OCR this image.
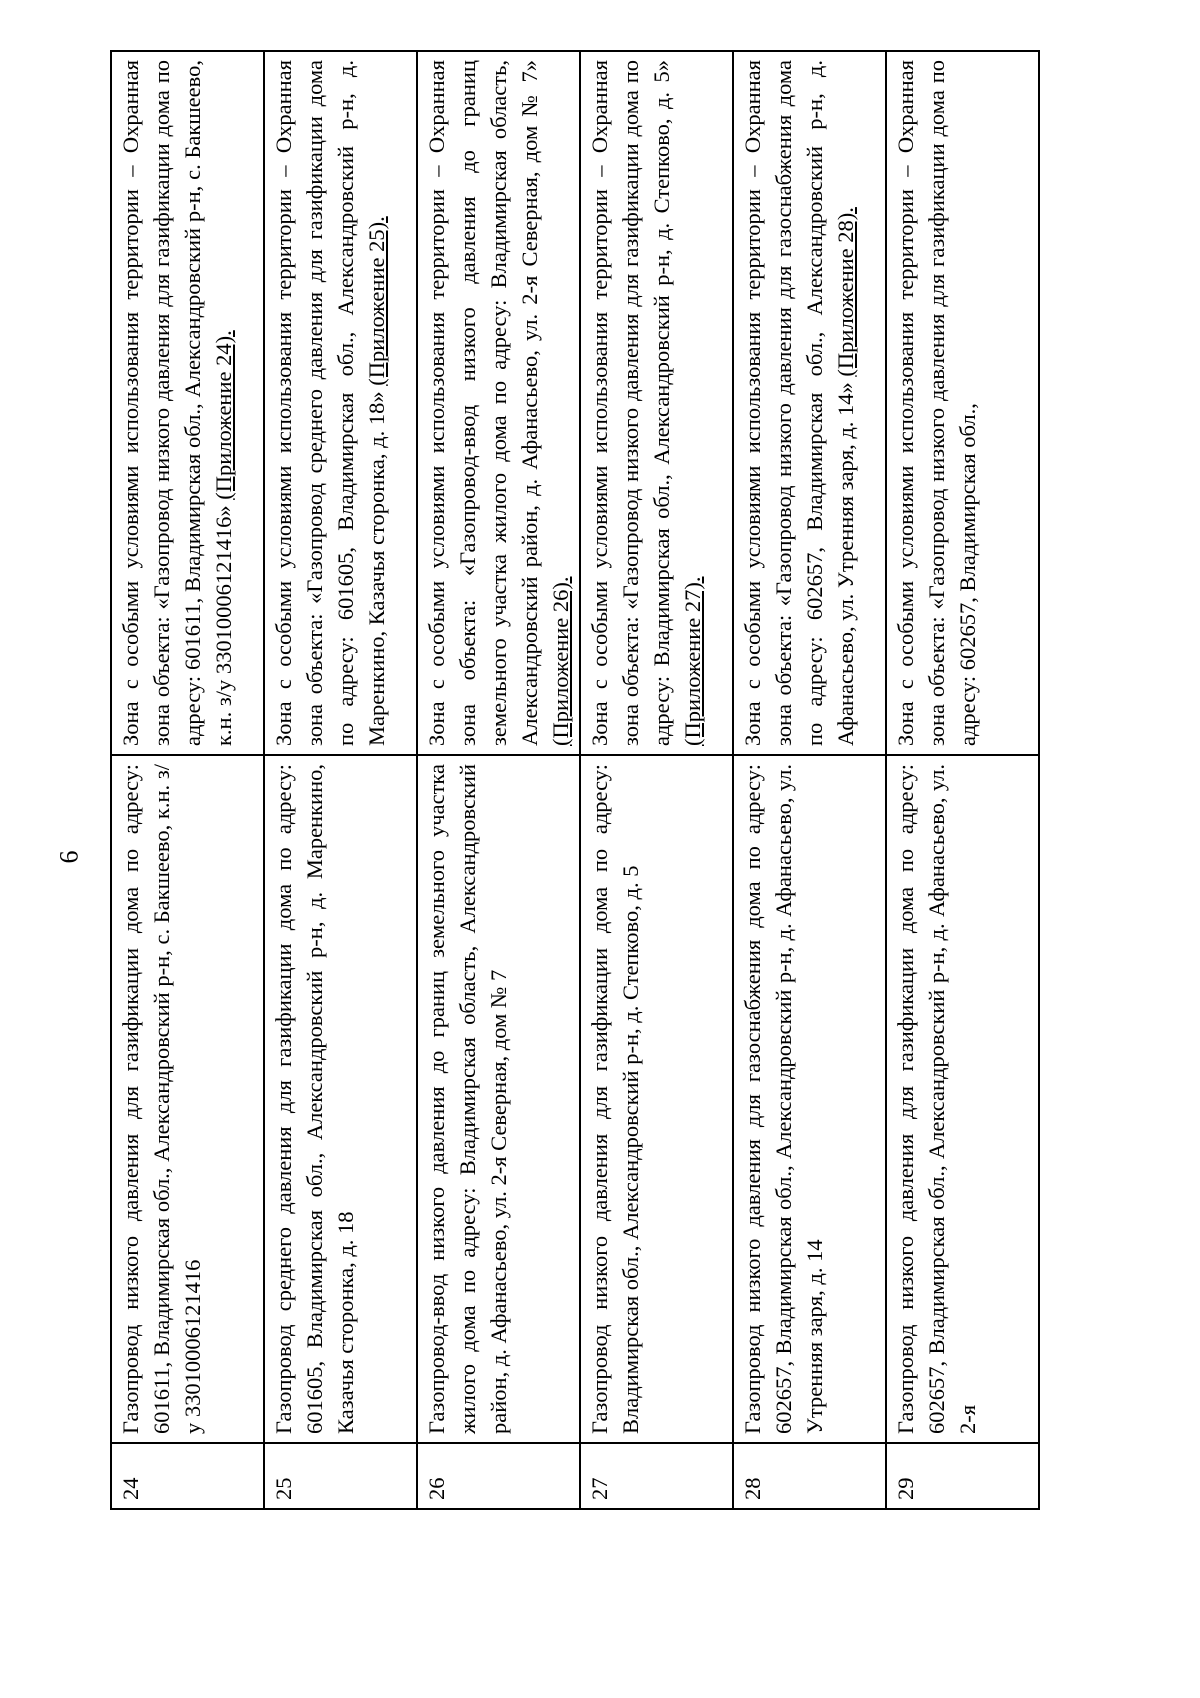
6
24	Газопровод низкого давления для газификации дома по адресу: 601611, Владимирская обл., Александровский р-н, с. Бакшеево, к.н. з/у 33010006121416	Зона с особыми условиями использования территории – Охранная зона объекта: «Газопровод низкого давления для газификации дома по адресу: 601611, Владимирская обл., Александровский р-н, с. Бакшеево, к.н. з/у 33010006121416» (Приложение 24).
25	Газопровод среднего давления для газификации дома по адресу: 601605, Владимирская обл., Александровский р-н, д. Маренкино, Казачья сторонка, д. 18	Зона с особыми условиями использования территории – Охранная зона объекта: «Газопровод среднего давления для газификации дома по адресу: 601605, Владимирская обл., Александровский р-н, д. Маренкино, Казачья сторонка, д. 18» (Приложение 25).
26	Газопровод-ввод низкого давления до границ земельного участка жилого дома по адресу: Владимирская область, Александровский район, д. Афанасьево, ул. 2-я Северная, дом № 7	Зона с особыми условиями использования территории – Охранная зона объекта: «Газопровод-ввод низкого давления до границ земельного участка жилого дома по адресу: Владимирская область, Александровский район, д. Афанасьево, ул. 2-я Северная, дом № 7» (Приложение 26).
27	Газопровод низкого давления для газификации дома по адресу: Владимирская обл., Александровский р-н, д. Степково, д. 5	Зона с особыми условиями использования территории – Охранная зона объекта: «Газопровод низкого давления для газификации дома по адресу: Владимирская обл., Александровский р-н, д. Степково, д. 5» (Приложение 27).
28	Газопровод низкого давления для газоснабжения дома по адресу: 602657, Владимирская обл., Александровский р-н, д. Афанасьево, ул. Утренняя заря, д. 14	Зона с особыми условиями использования территории – Охранная зона объекта: «Газопровод низкого давления для газоснабжения дома по адресу: 602657, Владимирская обл., Александровский р-н, д. Афанасьево, ул. Утренняя заря, д. 14» (Приложение 28).
29	Газопровод низкого давления для газификации дома по адресу: 602657, Владимирская обл., Александровский р-н, д. Афанасьево, ул. 2-я	Зона с особыми условиями использования территории – Охранная зона объекта: «Газопровод низкого давления для газификации дома по адресу: 602657, Владимирская обл.,
